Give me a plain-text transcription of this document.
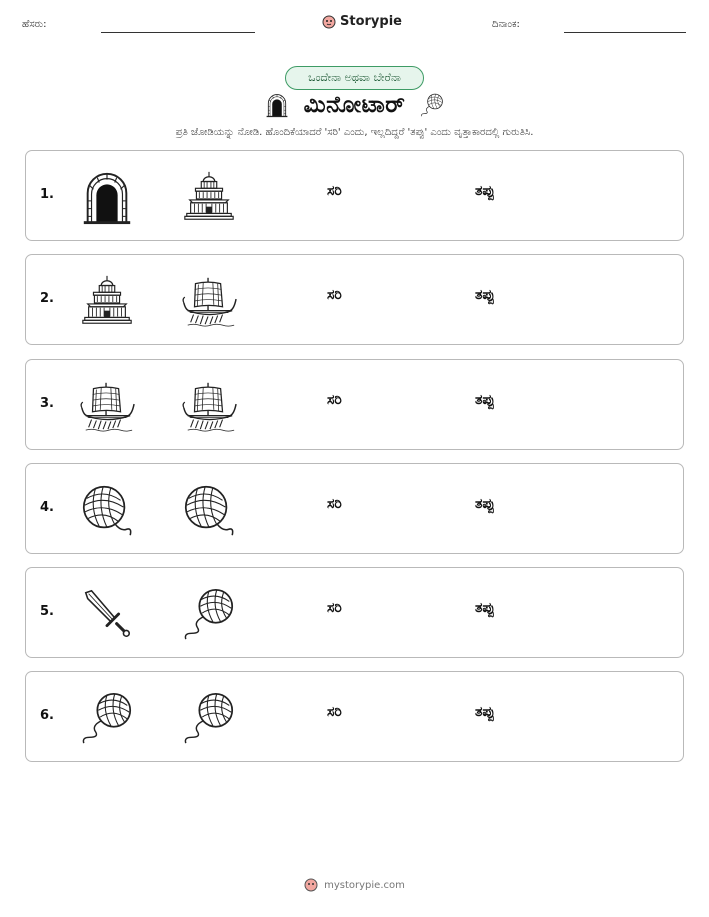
ಹೆಸರು:	Storypie	ದಿನಾಂಕ:
ಒಂದೇನಾ ಅಥವಾ ಬೇರೆನಾ
ಮಿನೋಟಾರ್
ಪ್ರತಿ ಜೋಡಿಯನ್ನು ನೋಡಿ. ಹೊಂದಿಕೆಯಾದರೆ 'ಸರಿ' ಎಂದು, ಇಲ್ಲದಿದ್ದರೆ 'ತಪ್ಪು' ಎಂದು ವೃತ್ತಾಕಾರದಲ್ಲಿ ಗುರುತಿಸಿ.
1.	ಸರಿ	ತಪ್ಪು
2.	ಸರಿ	ತಪ್ಪು
3.	ಸರಿ	ತಪ್ಪು
4.	ಸರಿ	ತಪ್ಪು
5.	ಸರಿ	ತಪ್ಪು
6.	ಸರಿ	ತಪ್ಪು
mystorypie.com
